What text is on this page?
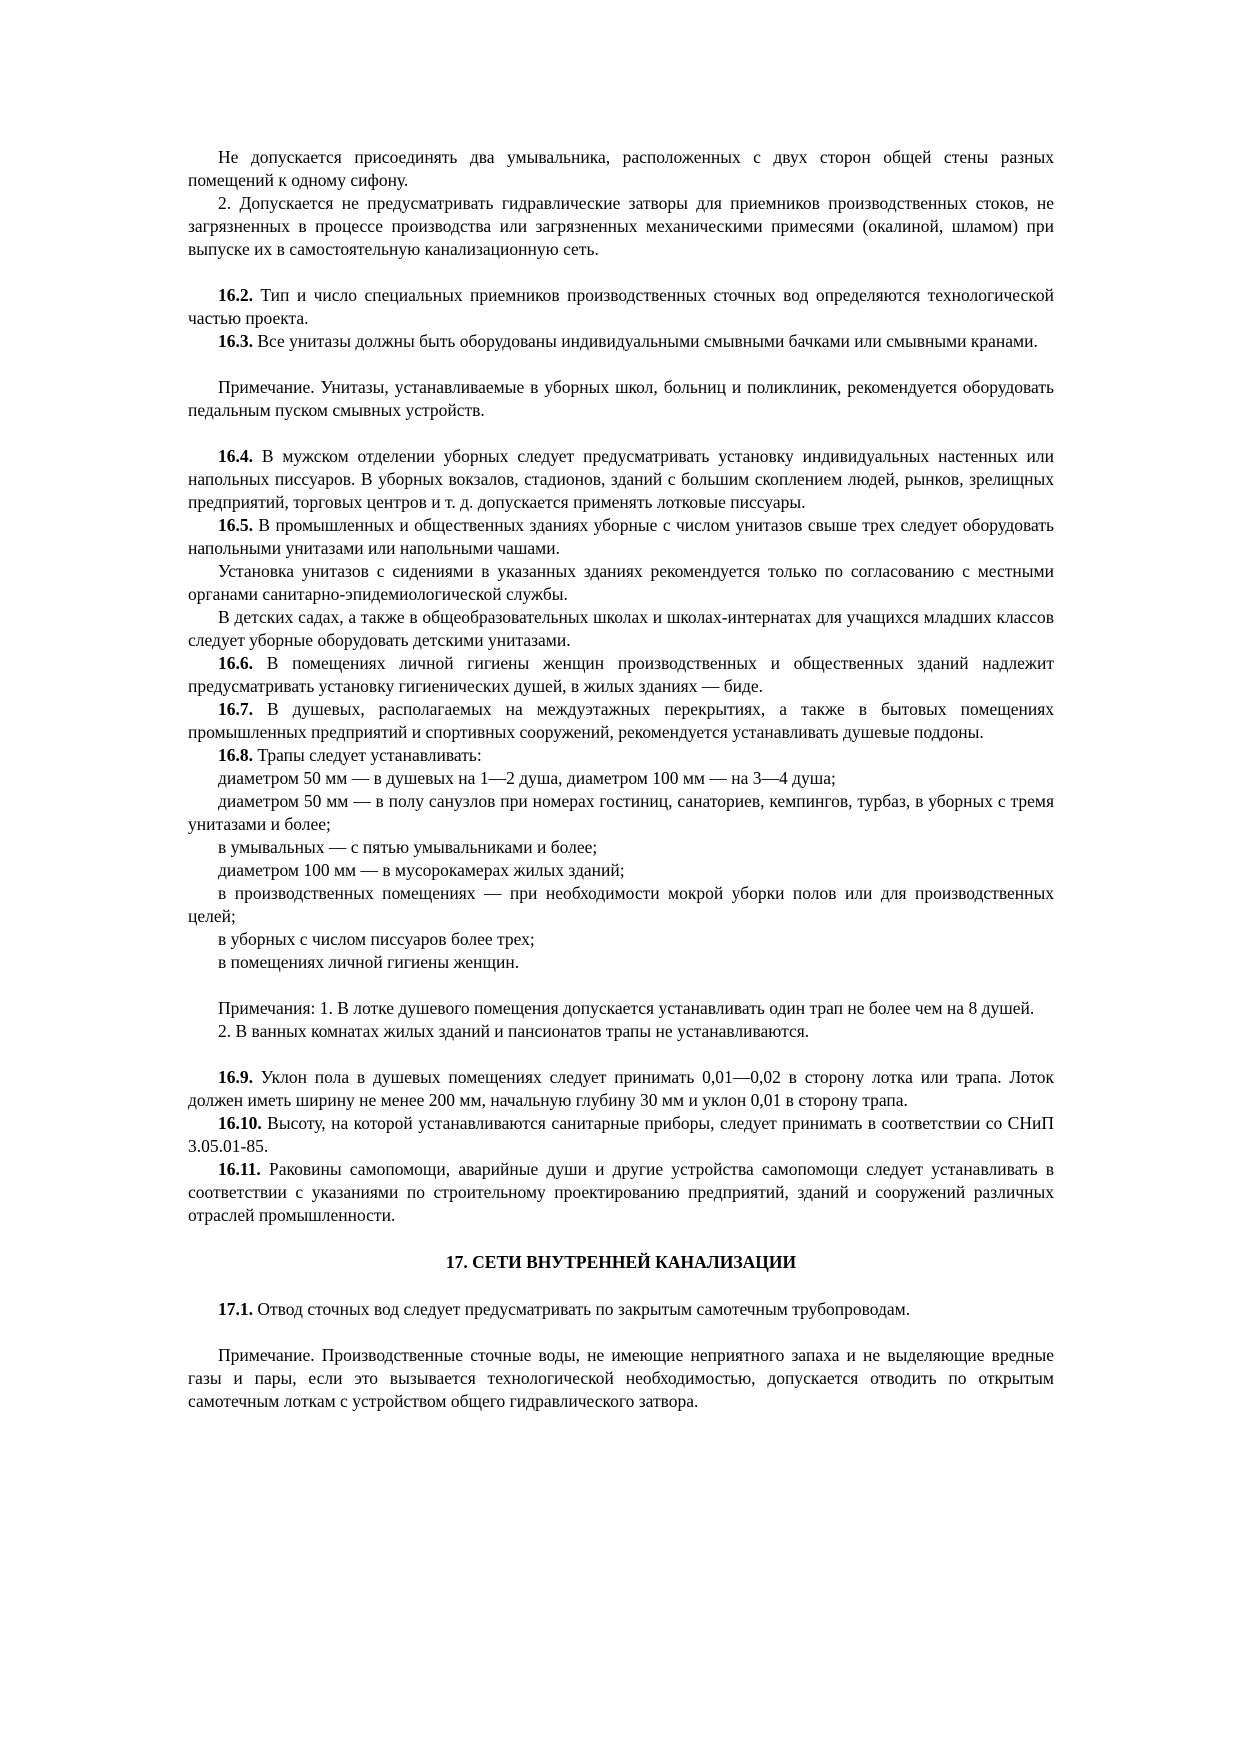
Не допускается присоединять два умывальника, расположенных с двух сторон общей стены разных помещений к одному сифону.

2. Допускается не предусматривать гидравлические затворы для приемников производственных стоков, не загрязненных в процессе производства или загрязненных механическими примесями (окалиной, шламом) при выпуске их в самостоятельную канализационную сеть.

16.2. Тип и число специальных приемников производственных сточных вод определяются технологической частью проекта.

16.3. Все унитазы должны быть оборудованы индивидуальными смывными бачками или смывными кранами.

Примечание. Унитазы, устанавливаемые в уборных школ, больниц и поликлиник, рекомендуется оборудовать педальным пуском смывных устройств.

16.4. В мужском отделении уборных следует предусматривать установку индивидуальных настенных или напольных писсуаров. В уборных вокзалов, стадионов, зданий с большим скоплением людей, рынков, зрелищных предприятий, торговых центров и т. д. допускается применять лотковые писсуары.

16.5. В промышленных и общественных зданиях уборные с числом унитазов свыше трех следует оборудовать напольными унитазами или напольными чашами.

Установка унитазов с сидениями в указанных зданиях рекомендуется только по согласованию с местными органами санитарно-эпидемиологической службы.

В детских садах, а также в общеобразовательных школах и школах-интернатах для учащихся младших классов следует уборные оборудовать детскими унитазами.

16.6. В помещениях личной гигиены женщин производственных и общественных зданий надлежит предусматривать установку гигиенических душей, в жилых зданиях — биде.

16.7. В душевых, располагаемых на междуэтажных перекрытиях, а также в бытовых помещениях промышленных предприятий и спортивных сооружений, рекомендуется устанавливать душевые поддоны.

16.8. Трапы следует устанавливать:

диаметром 50 мм — в душевых на 1—2 душа, диаметром 100 мм — на 3—4 душа;

диаметром 50 мм — в полу санузлов при номерах гостиниц, санаториев, кемпингов, турбаз, в уборных с тремя унитазами и более;

в умывальных — с пятью умывальниками и более;

диаметром 100 мм — в мусорокамерах жилых зданий;

в производственных помещениях — при необходимости мокрой уборки полов или для производственных целей;

в уборных с числом писсуаров более трех;

в помещениях личной гигиены женщин.

Примечания: 1. В лотке душевого помещения допускается устанавливать один трап не более чем на 8 душей.

2. В ванных комнатах жилых зданий и пансионатов трапы не устанавливаются.

16.9. Уклон пола в душевых помещениях следует принимать 0,01—0,02 в сторону лотка или трапа. Лоток должен иметь ширину не менее 200 мм, начальную глубину 30 мм и уклон 0,01 в сторону трапа.

16.10. Высоту, на которой устанавливаются санитарные приборы, следует принимать в соответствии со СНиП 3.05.01-85.

16.11. Раковины самопомощи, аварийные души и другие устройства самопомощи следует устанавливать в соответствии с указаниями по строительному проектированию предприятий, зданий и сооружений различных отраслей промышленности.

17. СЕТИ ВНУТРЕННЕЙ КАНАЛИЗАЦИИ

17.1. Отвод сточных вод следует предусматривать по закрытым самотечным трубопроводам.

Примечание. Производственные сточные воды, не имеющие неприятного запаха и не выделяющие вредные газы и пары, если это вызывается технологической необходимостью, допускается отводить по открытым самотечным лоткам с устройством общего гидравлического затвора.
